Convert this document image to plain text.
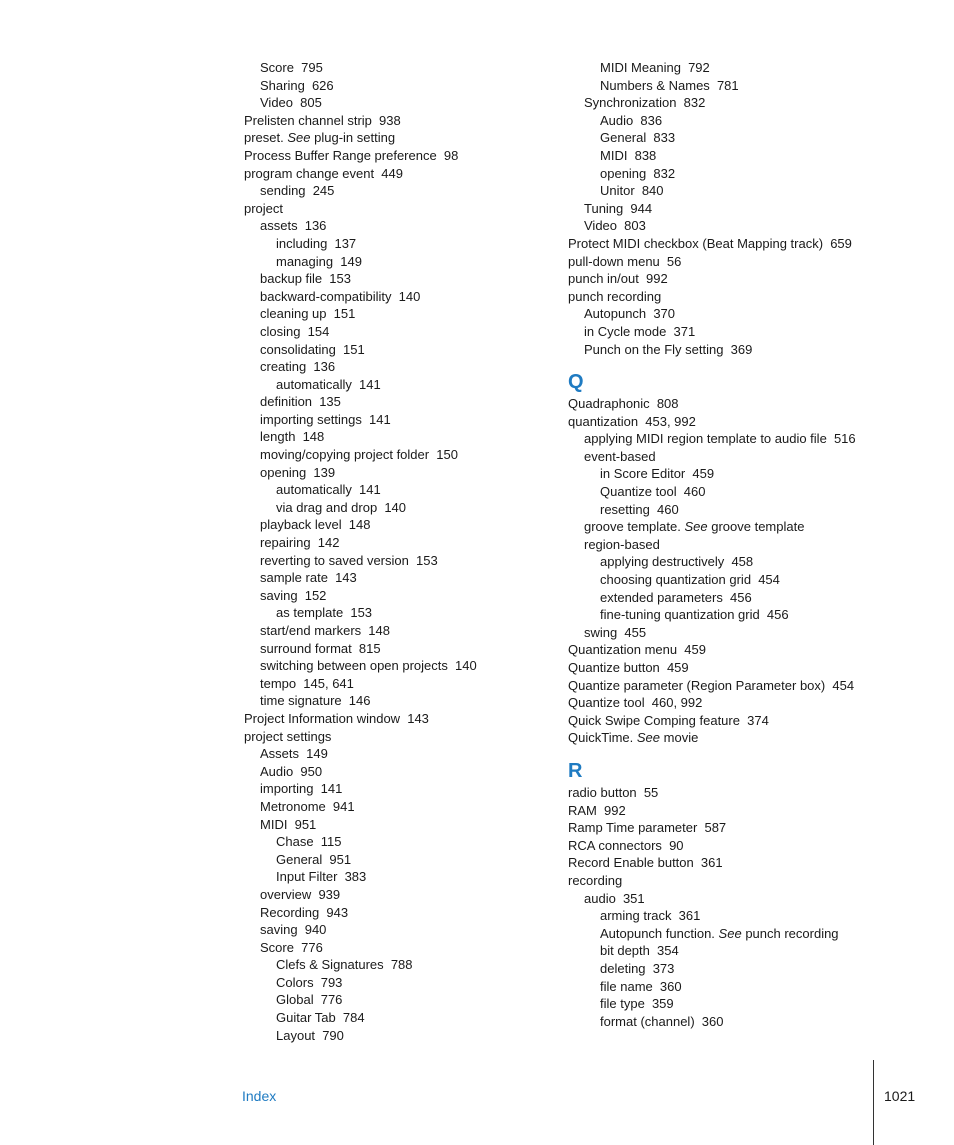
Score 795
Sharing 626
Video 805
Prelisten channel strip 938
preset. See plug-in setting
Process Buffer Range preference 98
program change event 449
sending 245
project
assets 136
including 137
managing 149
backup file 153
backward-compatibility 140
cleaning up 151
closing 154
consolidating 151
creating 136
automatically 141
definition 135
importing settings 141
length 148
moving/copying project folder 150
opening 139
automatically 141
via drag and drop 140
playback level 148
repairing 142
reverting to saved version 153
sample rate 143
saving 152
as template 153
start/end markers 148
surround format 815
switching between open projects 140
tempo 145, 641
time signature 146
Project Information window 143
project settings
Assets 149
Audio 950
importing 141
Metronome 941
MIDI 951
Chase 115
General 951
Input Filter 383
overview 939
Recording 943
saving 940
Score 776
Clefs & Signatures 788
Colors 793
Global 776
Guitar Tab 784
Layout 790
MIDI Meaning 792
Numbers & Names 781
Synchronization 832
Audio 836
General 833
MIDI 838
opening 832
Unitor 840
Tuning 944
Video 803
Protect MIDI checkbox (Beat Mapping track) 659
pull-down menu 56
punch in/out 992
punch recording
Autopunch 370
in Cycle mode 371
Punch on the Fly setting 369
Q
Quadraphonic 808
quantization 453, 992
applying MIDI region template to audio file 516
event-based
in Score Editor 459
Quantize tool 460
resetting 460
groove template. See groove template
region-based
applying destructively 458
choosing quantization grid 454
extended parameters 456
fine-tuning quantization grid 456
swing 455
Quantization menu 459
Quantize button 459
Quantize parameter (Region Parameter box) 454
Quantize tool 460, 992
Quick Swipe Comping feature 374
QuickTime. See movie
R
radio button 55
RAM 992
Ramp Time parameter 587
RCA connectors 90
Record Enable button 361
recording
audio 351
arming track 361
Autopunch function. See punch recording
bit depth 354
deleting 373
file name 360
file type 359
format (channel) 360
Index	1021
